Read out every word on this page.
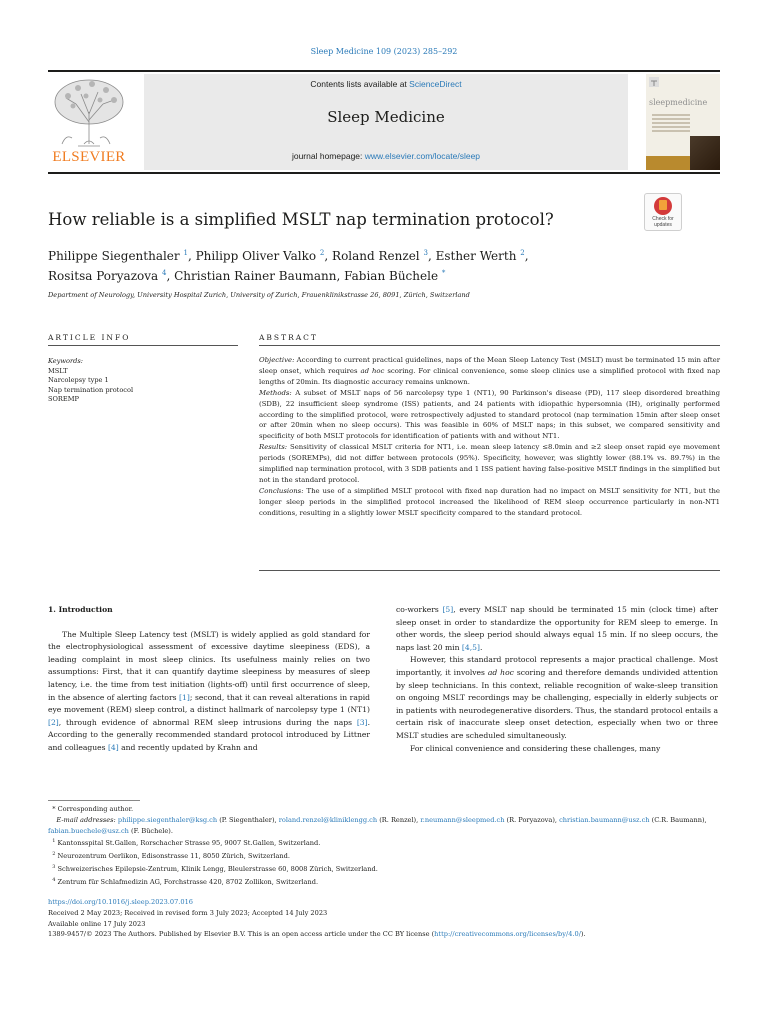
Sleep Medicine 109 (2023) 285–292
ELSEVIER
Contents lists available at ScienceDirect
Sleep Medicine
journal homepage: www.elsevier.com/locate/sleep
sleepmedicine
How reliable is a simplified MSLT nap termination protocol?	Check for updates
Philippe Siegenthaler $^1$, Philipp Oliver Valko $^2$, Roland Renzel $^3$, Esther Werth $^2$,
Rositsa Poryazova $^4$, Christian Rainer Baumann, Fabian Büchele *
Department of Neurology, University Hospital Zurich, University of Zurich, Frauenklinikstrasse 26, 8091, Zürich, Switzerland
ARTICLE INFO	ABSTRACT
Keywords:
MSLT
Narcolepsy type 1
Nap termination protocol
SOREMP

Objective: According to current practical guidelines, naps of the Mean Sleep Latency Test (MSLT) must be terminated 15 min after sleep onset, which requires ad hoc scoring. For clinical convenience, some sleep clinics use a simplified protocol with fixed nap lengths of 20min. Its diagnostic accuracy remains unknown.

Methods: A subset of MSLT naps of 56 narcolepsy type 1 (NT1), 90 Parkinson's disease (PD), 117 sleep disordered breathing (SDB), 22 insufficient sleep syndrome (ISS) patients, and 24 patients with idiopathic hypersomnia (IH), originally performed according to the simplified protocol, were retrospectively adjusted to standard protocol (nap termination 15min after sleep onset or after 20min when no sleep occurs). This was feasible in 60% of MSLT naps; in this subset, we compared sensitivity and specificity of both MSLT protocols for identification of patients with and without NT1.

Results: Sensitivity of classical MSLT criteria for NT1, i.e. mean sleep latency ≤8.0min and ≥2 sleep onset rapid eye movement periods (SOREMPs), did not differ between protocols (95%). Specificity, however, was slightly lower (88.1% vs. 89.7%) in the simplified nap termination protocol, with 3 SDB patients and 1 ISS patient having false-positive MSLT findings in the simplified but not in the standard protocol.

Conclusions: The use of a simplified MSLT protocol with fixed nap duration had no impact on MSLT sensitivity for NT1, but the longer sleep periods in the simplified protocol increased the likelihood of REM sleep occurrence particularly in non-NT1 conditions, resulting in a slightly lower MSLT specificity compared to the standard protocol.

1. Introduction

The Multiple Sleep Latency test (MSLT) is widely applied as gold standard for the electrophysiological assessment of excessive daytime sleepiness (EDS), a leading complaint in most sleep clinics. Its usefulness mainly relies on two assumptions: First, that it can quantify daytime sleepiness by measures of sleep latency, i.e. the time from test initiation (lights-off) until first occurrence of sleep, in the absence of alerting factors [1]; second, that it can reveal alterations in rapid eye movement (REM) sleep control, a distinct hallmark of narcolepsy type 1 (NT1) [2], through evidence of abnormal REM sleep intrusions during the naps [3]. According to the generally recommended standard protocol introduced by Littner and colleagues [4] and recently updated by Krahn and

co-workers [5], every MSLT nap should be terminated 15 min (clock time) after sleep onset in order to standardize the opportunity for REM sleep to emerge. In other words, the sleep period should always equal 15 min. If no sleep occurs, the naps last 20 min [4,5].

However, this standard protocol represents a major practical challenge. Most importantly, it involves ad hoc scoring and therefore demands undivided attention by sleep technicians. In this context, reliable recognition of wake-sleep transition on ongoing MSLT recordings may be challenging, especially in elderly subjects or in patients with neurodegenerative disorders. Thus, the standard protocol entails a certain risk of inaccurate sleep onset detection, especially when two or three MSLT studies are scheduled simultaneously.

For clinical convenience and considering these challenges, many

* Corresponding author.
E-mail addresses: philippe.siegenthaler@ksg.ch (P. Siegenthaler), roland.renzel@kliniklengg.ch (R. Renzel), r.neumann@sleepmed.ch (R. Poryazova), christian.baumann@usz.ch (C.R. Baumann), fabian.buechele@usz.ch (F. Büchele).
$^1$ Kantonsspital St.Gallen, Rorschacher Strasse 95, 9007 St.Gallen, Switzerland.
$^2$ Neurozentrum Oerlikon, Edisonstrasse 11, 8050 Zürich, Switzerland.
$^3$ Schweizerisches Epilepsie-Zentrum, Klinik Lengg, Bleulerstrasse 60, 8008 Zürich, Switzerland.
$^4$ Zentrum für Schlafmedizin AG, Forchstrasse 420, 8702 Zollikon, Switzerland.
https://doi.org/10.1016/j.sleep.2023.07.016
Received 2 May 2023; Received in revised form 3 July 2023; Accepted 14 July 2023
Available online 17 July 2023
1389-9457/© 2023 The Authors. Published by Elsevier B.V. This is an open access article under the CC BY license (http://creativecommons.org/licenses/by/4.0/).
